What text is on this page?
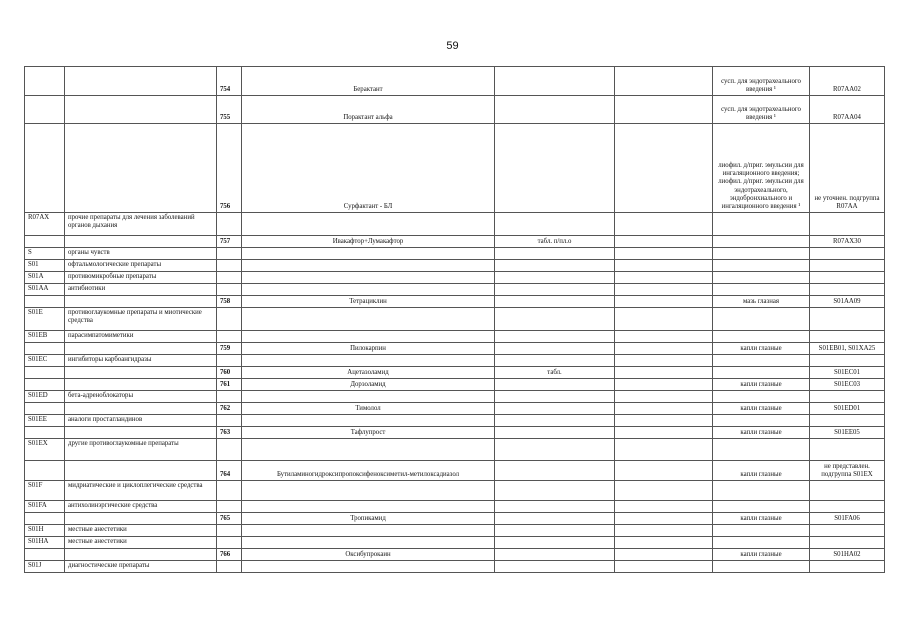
59
		754	Берактант			сусп. для эндотрахеального введения ¹	R07AA02
		755	Порактант альфа			сусп. для эндотрахеального введения ¹	R07AA04
		756	Сурфактант - БЛ			лиофил. д/приг. эмульсии для ингаляционного введения; лиофил. д/приг. эмульсии для эндотрахеального, эндобронхиального и ингаляционного введения ¹	не уточнен. подгруппа R07AA
R07AX	прочие препараты для лечения заболеваний органов дыхания						
		757	Ивакафтор+Лумакафтор	табл. п/пл.о			R07AX30
S	органы чувств						
S01	офтальмологические препараты						
S01A	противомикробные препараты						
S01AA	антибиотики						
		758	Тетрациклин			мазь глазная	S01AA09
S01E	противоглаукомные препараты и миотические средства						
S01EB	парасимпатомиметики						
		759	Пилокарпин			капли глазные	S01EB01, S01XA25
S01EC	ингибиторы карбоангидразы						
		760	Ацетазоламид	табл.			S01EC01
		761	Дорзоламид			капли глазные	S01EC03
S01ED	бета-адреноблокаторы						
		762	Тимолол			капли глазные	S01ED01
S01EE	аналоги простагландинов						
		763	Тафлупрост			капли глазные	S01EE05
S01EX	другие противоглаукомные препараты						
		764	Бутиламиногидроксипропоксифеноксиметил-метилоксадиазол			капли глазные	не представлен. подгруппа S01EX
S01F	мидриатические и циклоплегические средства						
S01FA	антихолинэргические средства						
		765	Тропикамид			капли глазные	S01FA06
S01H	местные анестетики						
S01HA	местные анестетики						
		766	Оксибупрокаин			капли глазные	S01HA02
S01J	диагностические препараты						
